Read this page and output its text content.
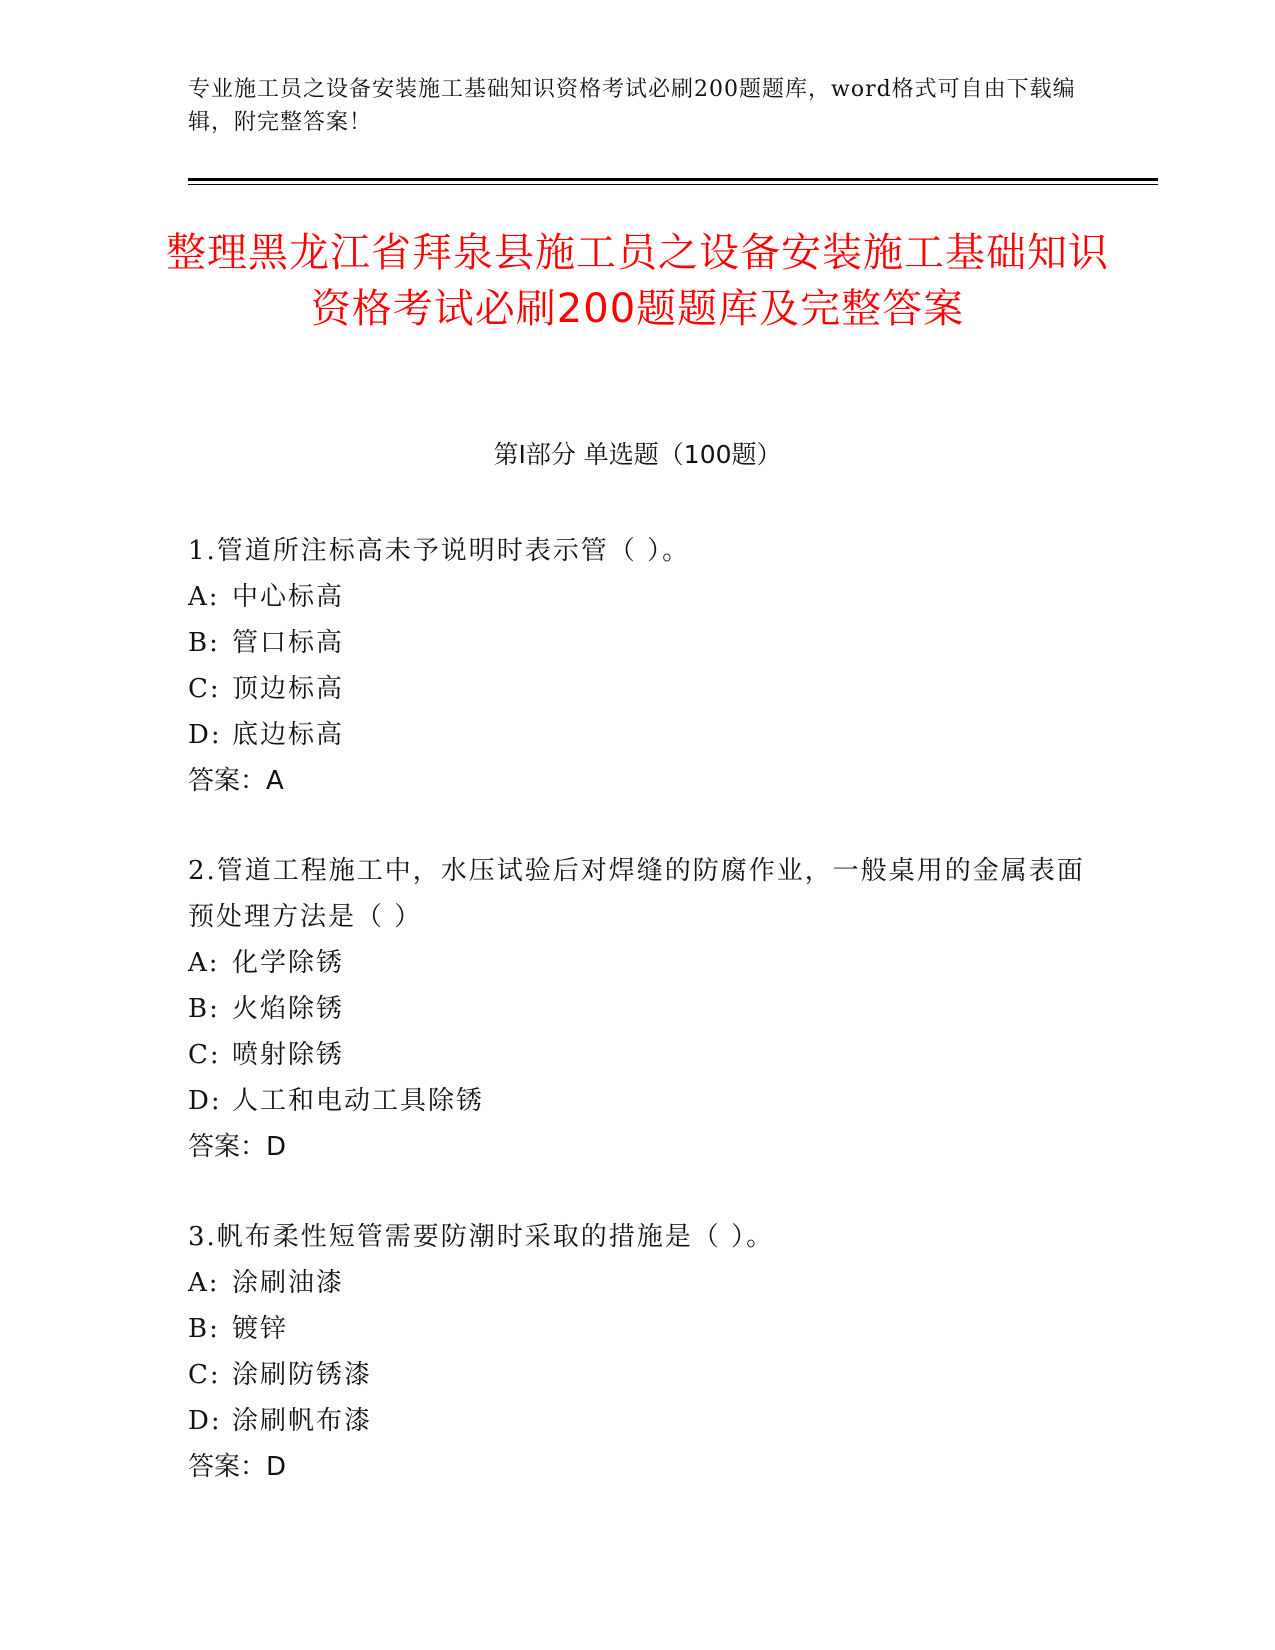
专业施工员之设备安装施工基础知识资格考试必刷200题题库，word格式可自由下载编辑，附完整答案！
整理黑龙江省拜泉县施工员之设备安装施工基础知识资格考试必刷200题题库及完整答案
第Ⅰ部分 单选题（100题）

1.管道所注标高未予说明时表示管（ ）。

A: 中心标高

B: 管口标高

C: 顶边标高

D: 底边标高

答案：A

2.管道工程施工中，水压试验后对焊缝的防腐作业，一般桌用的金属表面预处理方法是（ ）

A: 化学除锈

B: 火焰除锈

C: 喷射除锈

D: 人工和电动工具除锈

答案：D

3.帆布柔性短管需要防潮时采取的措施是（ ）。

A: 涂刷油漆

B: 镀锌

C: 涂刷防锈漆

D: 涂刷帆布漆

答案：D
